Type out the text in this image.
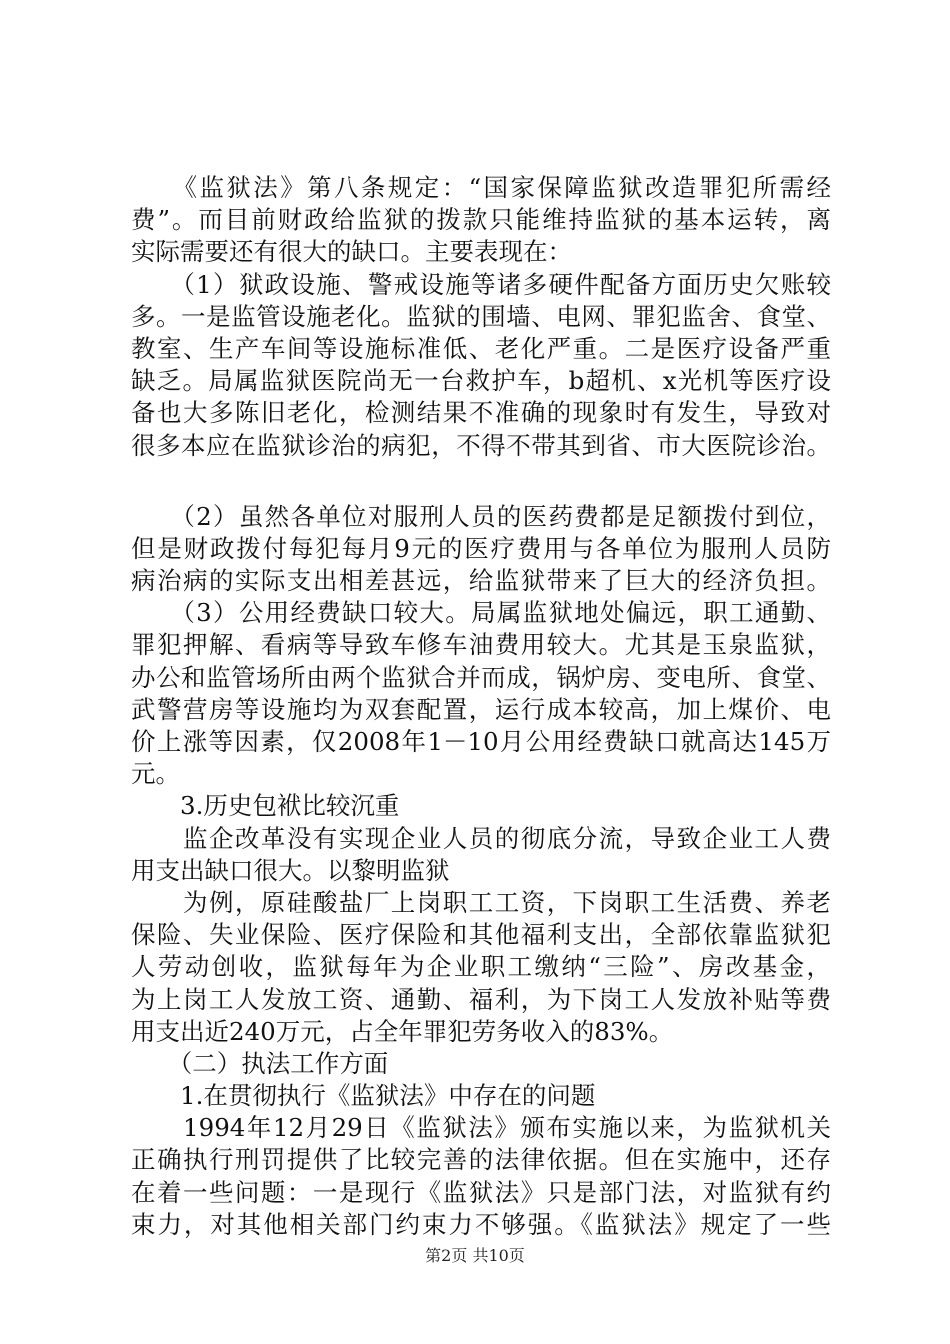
　　《监狱法》第八条规定：“国家保障监狱改造罪犯所需经
费”。而目前财政给监狱的拨款只能维持监狱的基本运转，离
实际需要还有很大的缺口。主要表现在：
　　（1）狱政设施、警戒设施等诸多硬件配备方面历史欠账较
多。一是监管设施老化。监狱的围墙、电网、罪犯监舍、食堂、
教室、生产车间等设施标准低、老化严重。二是医疗设备严重
缺乏。局属监狱医院尚无一台救护车，b超机、x光机等医疗设
备也大多陈旧老化，检测结果不准确的现象时有发生，导致对
很多本应在监狱诊治的病犯，不得不带其到省、市大医院诊治。
　　（2）虽然各单位对服刑人员的医药费都是足额拨付到位，
但是财政拨付每犯每月9元的医疗费用与各单位为服刑人员防
病治病的实际支出相差甚远，给监狱带来了巨大的经济负担。
　　（3）公用经费缺口较大。局属监狱地处偏远，职工通勤、
罪犯押解、看病等导致车修车油费用较大。尤其是玉泉监狱，
办公和监管场所由两个监狱合并而成，锅炉房、变电所、食堂、
武警营房等设施均为双套配置，运行成本较高，加上煤价、电
价上涨等因素，仅2008年1－10月公用经费缺口就高达145万
元。
　　3.历史包袱比较沉重
　　监企改革没有实现企业人员的彻底分流，导致企业工人费
用支出缺口很大。以黎明监狱
　　为例，原硅酸盐厂上岗职工工资，下岗职工生活费、养老
保险、失业保险、医疗保险和其他福利支出，全部依靠监狱犯
人劳动创收，监狱每年为企业职工缴纳“三险”、房改基金，
为上岗工人发放工资、通勤、福利，为下岗工人发放补贴等费
用支出近240万元，占全年罪犯劳务收入的83%。
　　（二）执法工作方面
　　1.在贯彻执行《监狱法》中存在的问题
　　1994年12月29日《监狱法》颁布实施以来，为监狱机关
正确执行刑罚提供了比较完善的法律依据。但在实施中，还存
在着一些问题：一是现行《监狱法》只是部门法，对监狱有约
束力，对其他相关部门约束力不够强。《监狱法》规定了一些
第2页 共10页
